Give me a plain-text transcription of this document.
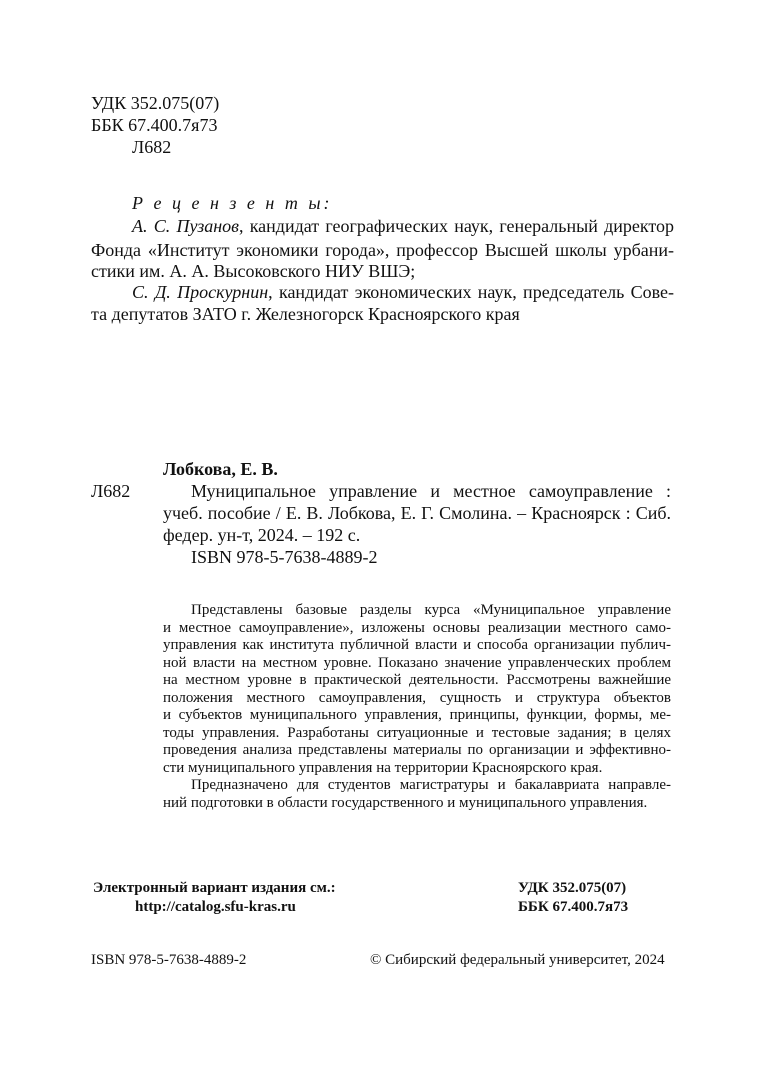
УДК 352.075(07)
ББК 67.400.7я73
Л682
Р е ц е н з е н т ы:
А. С. Пузанов, кандидат географических наук, генеральный директор
Фонда «Институт экономики города», профессор Высшей школы урбани-
стики им. А. А. Высоковского НИУ ВШЭ;
С. Д. Проскурнин, кандидат экономических наук, председатель Сове-
та депутатов ЗАТО г. Железногорск Красноярского края
Лобкова, Е. В.
Л682	Муниципальное управление и местное самоуправление :
учеб. пособие / Е. В. Лобкова, Е. Г. Смолина. – Красноярск : Сиб.
федер. ун-т, 2024. – 192 с.
ISBN 978-5-7638-4889-2
Представлены базовые разделы курса «Муниципальное управление
и местное самоуправление», изложены основы реализации местного само-
управления как института публичной власти и способа организации публич-
ной власти на местном уровне. Показано значение управленческих проблем
на местном уровне в практической деятельности. Рассмотрены важнейшие
положения местного самоуправления, сущность и структура объектов
и субъектов муниципального управления, принципы, функции, формы, ме-
тоды управления. Разработаны ситуационные и тестовые задания; в целях
проведения анализа представлены материалы по организации и эффективно-
сти муниципального управления на территории Красноярского края.
Предназначено для студентов магистратуры и бакалавриата направле-
ний подготовки в области государственного и муниципального управления.
Электронный вариант издания см.:
http://catalog.sfu-kras.ru
УДК 352.075(07)
ББК 67.400.7я73
ISBN 978-5-7638-4889-2	© Сибирский федеральный университет, 2024
